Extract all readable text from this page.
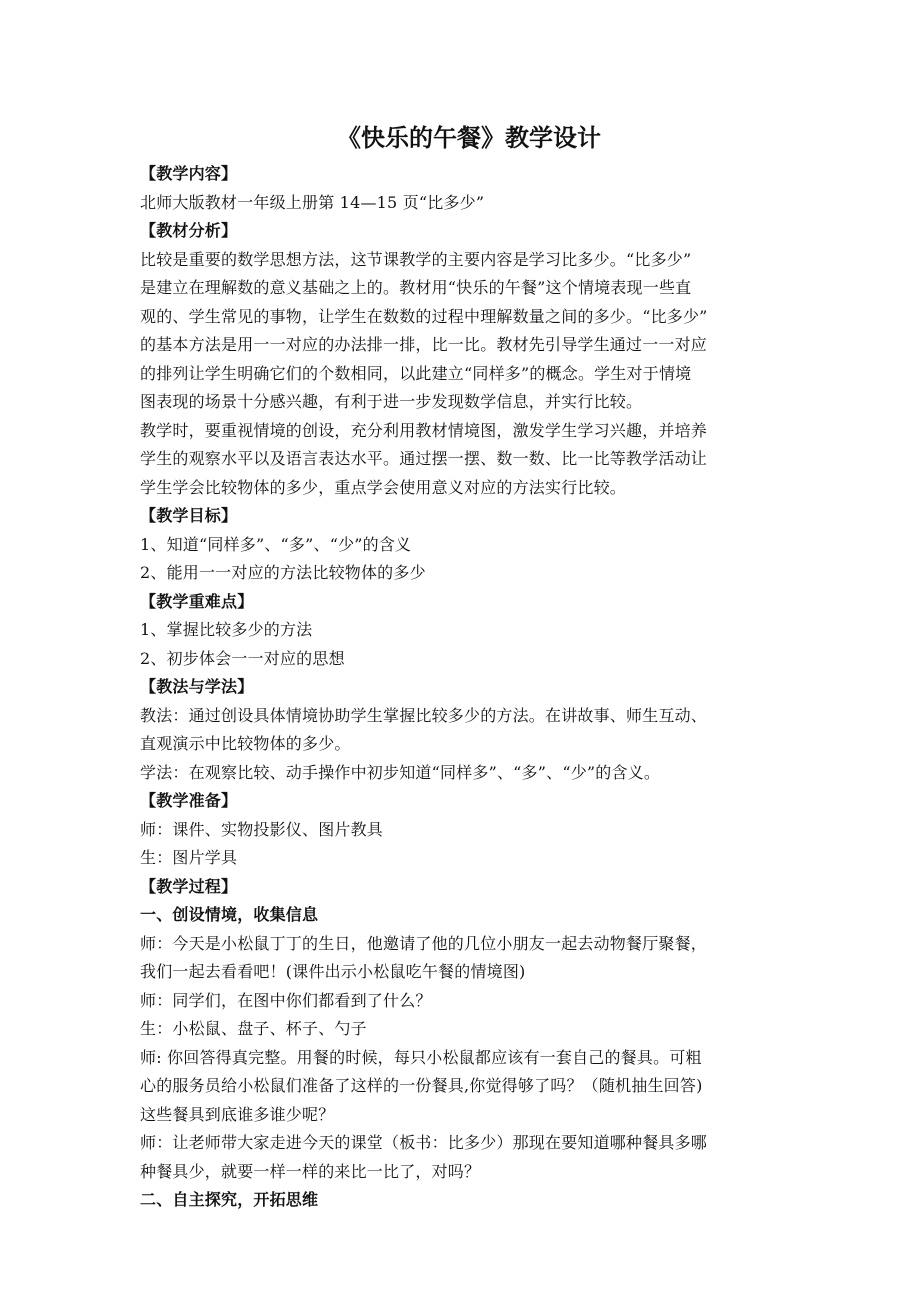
《快乐的午餐》教学设计
【教学内容】
北师大版教材一年级上册第 14—15 页“比多少”
【教材分析】
比较是重要的数学思想方法，这节课教学的主要内容是学习比多少。“比多少”
是建立在理解数的意义基础之上的。教材用“快乐的午餐”这个情境表现一些直
观的、学生常见的事物，让学生在数数的过程中理解数量之间的多少。“比多少”
的基本方法是用一一对应的办法排一排，比一比。教材先引导学生通过一一对应
的排列让学生明确它们的个数相同，以此建立“同样多”的概念。学生对于情境
图表现的场景十分感兴趣，有利于进一步发现数学信息，并实行比较。
教学时，要重视情境的创设，充分利用教材情境图，激发学生学习兴趣，并培养
学生的观察水平以及语言表达水平。通过摆一摆、数一数、比一比等教学活动让
学生学会比较物体的多少，重点学会使用意义对应的方法实行比较。
【教学目标】
1、知道“同样多”、“多”、“少”的含义
2、能用一一对应的方法比较物体的多少
【教学重难点】
1、掌握比较多少的方法
2、初步体会一一对应的思想
【教法与学法】
教法：通过创设具体情境协助学生掌握比较多少的方法。在讲故事、师生互动、
直观演示中比较物体的多少。
学法：在观察比较、动手操作中初步知道“同样多”、“多”、“少”的含义。
【教学准备】
师：课件、实物投影仪、图片教具
生：图片学具
【教学过程】
一、创设情境，收集信息
师：今天是小松鼠丁丁的生日，他邀请了他的几位小朋友一起去动物餐厅聚餐，
我们一起去看看吧！(课件出示小松鼠吃午餐的情境图)
师：同学们，在图中你们都看到了什么？
生：小松鼠、盘子、杯子、勺子
师: 你回答得真完整。用餐的时候，每只小松鼠都应该有一套自己的餐具。可粗
心的服务员给小松鼠们准备了这样的一份餐具,你觉得够了吗？（随机抽生回答)
这些餐具到底谁多谁少呢？
师：让老师带大家走进今天的课堂（板书：比多少）那现在要知道哪种餐具多哪
种餐具少，就要一样一样的来比一比了，对吗？
二、自主探究，开拓思维
